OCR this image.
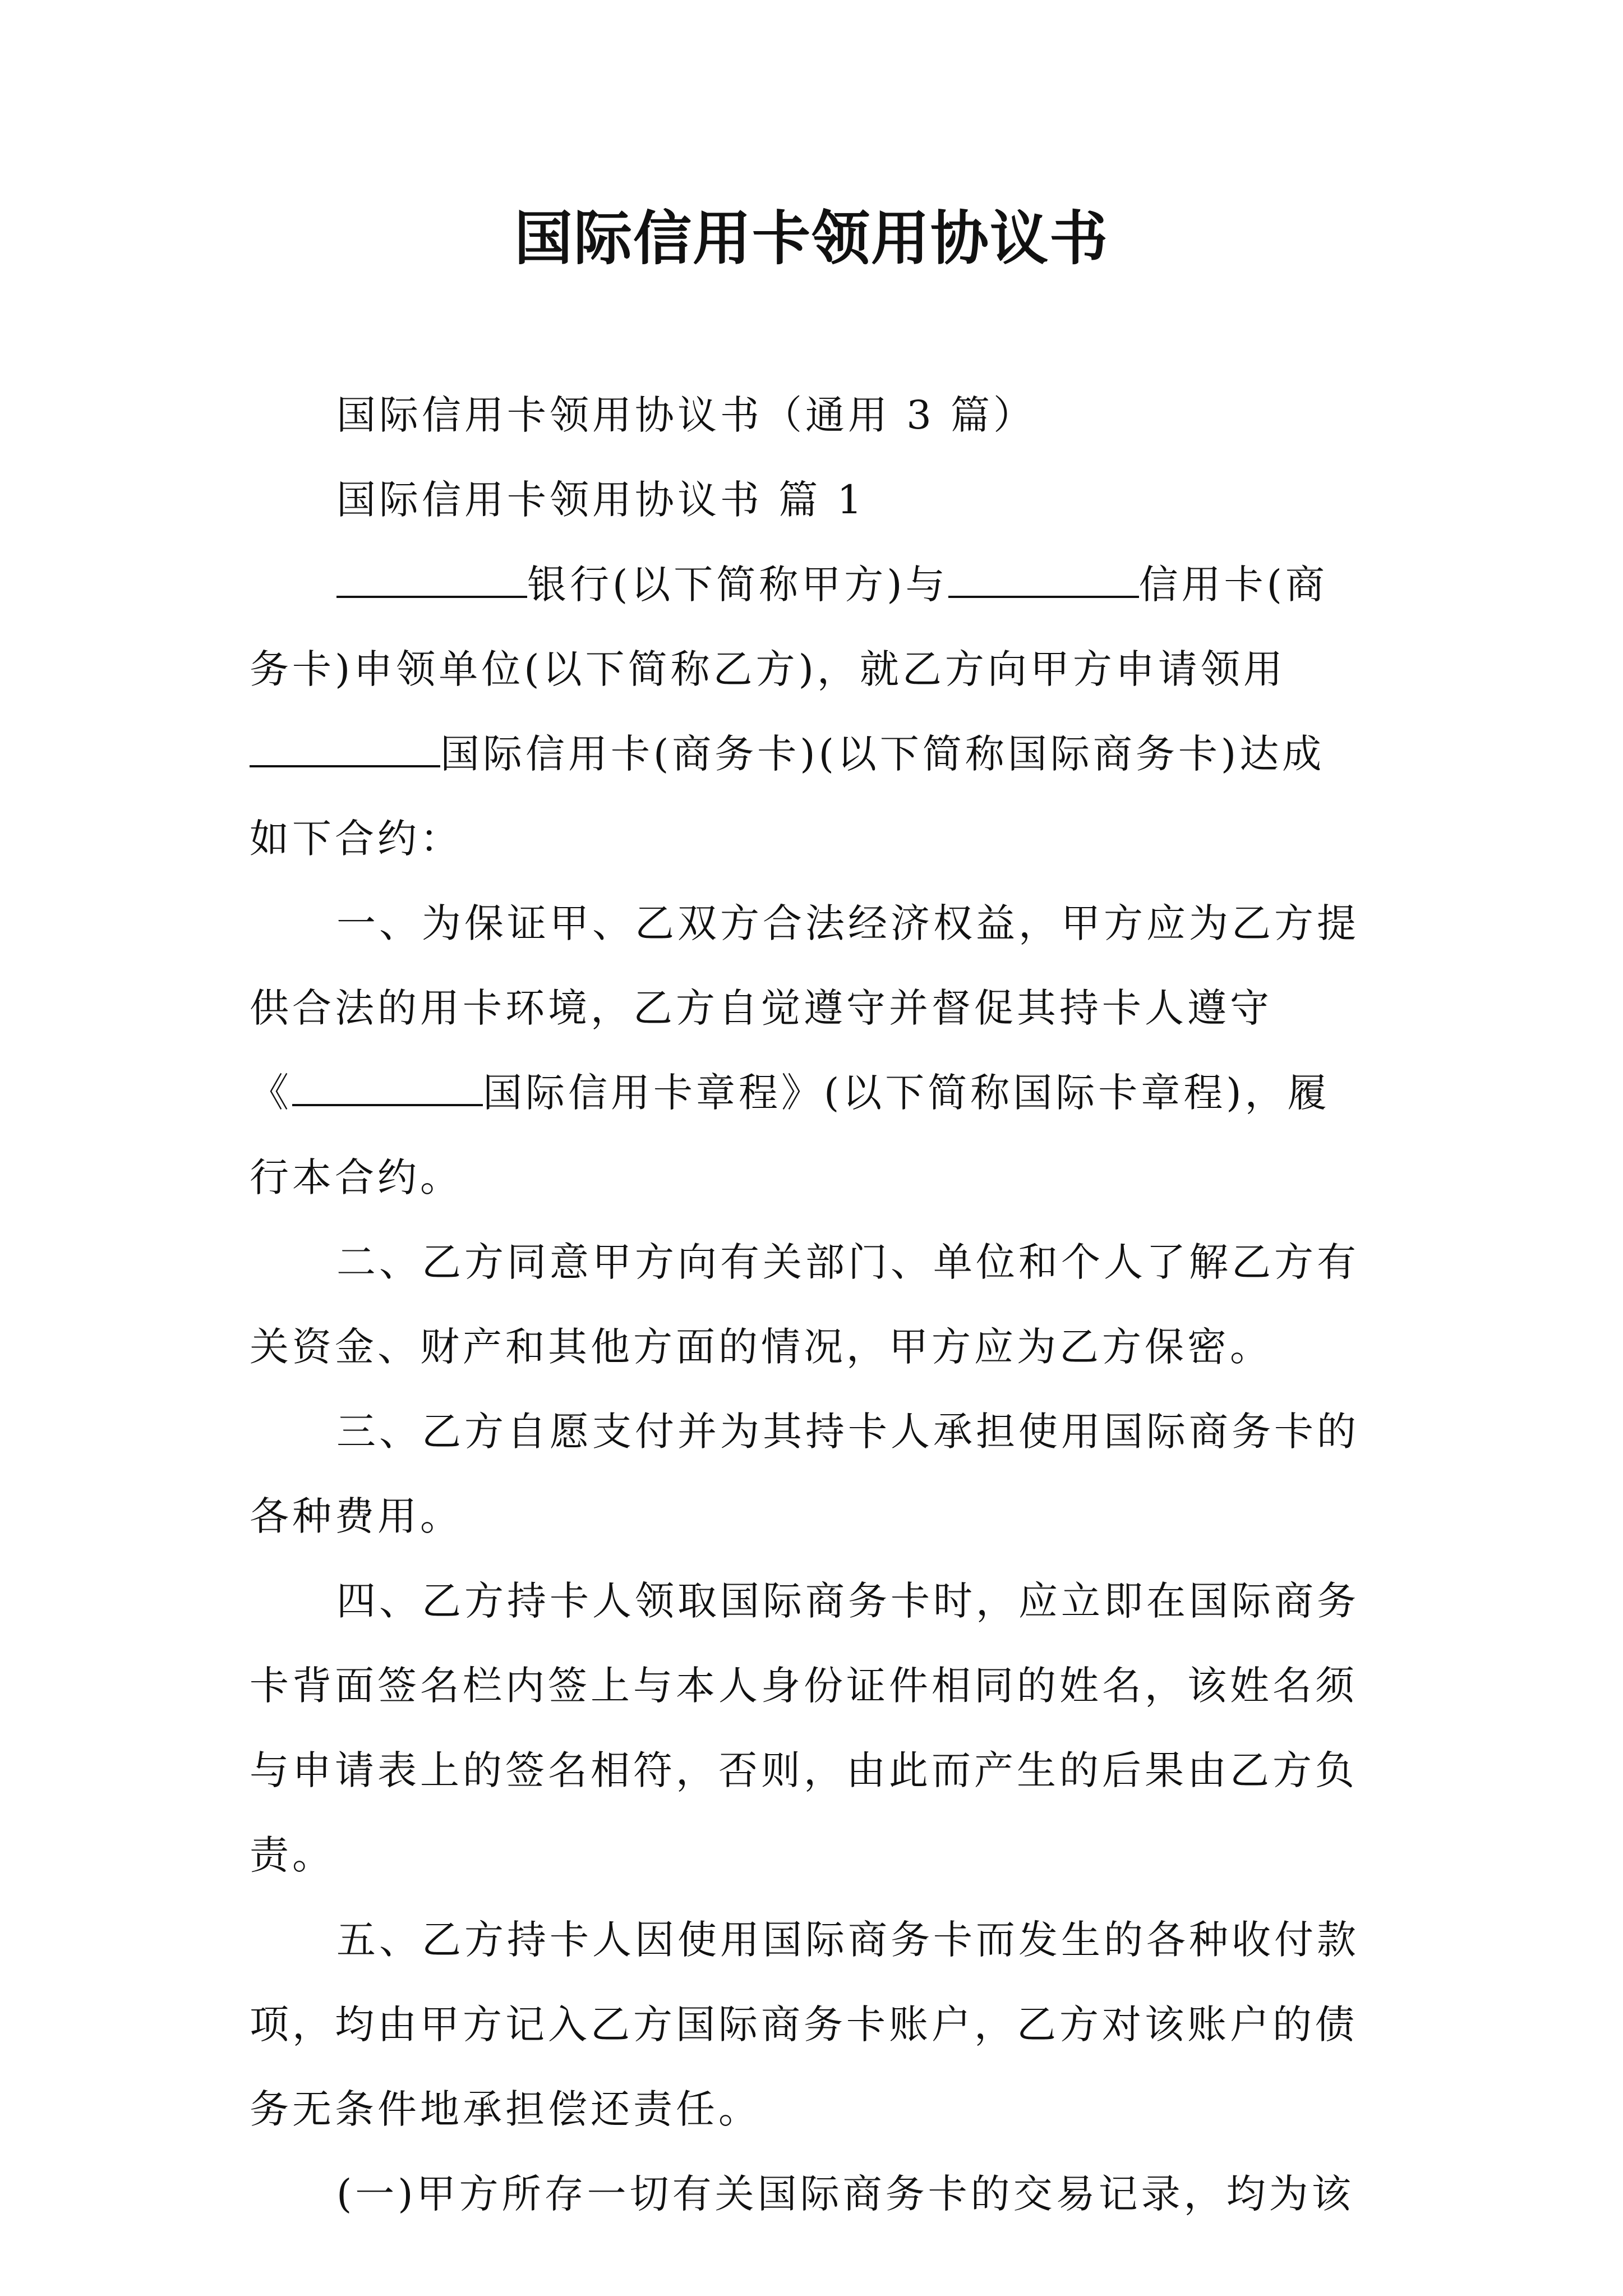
国际信用卡领用协议书
国际信用卡领用协议书（通用 3 篇）
国际信用卡领用协议书 篇 1
银行(以下简称甲方)与	信用卡(商
务卡)申领单位(以下简称乙方)，就乙方向甲方申请领用
国际信用卡(商务卡)(以下简称国际商务卡)达成
如下合约：
一、为保证甲、乙双方合法经济权益，甲方应为乙方提
供合法的用卡环境，乙方自觉遵守并督促其持卡人遵守
《	国际信用卡章程》(以下简称国际卡章程)，履
行本合约。
二、乙方同意甲方向有关部门、单位和个人了解乙方有
关资金、财产和其他方面的情况，甲方应为乙方保密。
三、乙方自愿支付并为其持卡人承担使用国际商务卡的
各种费用。
四、乙方持卡人领取国际商务卡时，应立即在国际商务
卡背面签名栏内签上与本人身份证件相同的姓名，该姓名须
与申请表上的签名相符，否则，由此而产生的后果由乙方负
责。
五、乙方持卡人因使用国际商务卡而发生的各种收付款
项，均由甲方记入乙方国际商务卡账户，乙方对该账户的债
务无条件地承担偿还责任。
(一)甲方所存一切有关国际商务卡的交易记录，均为该
